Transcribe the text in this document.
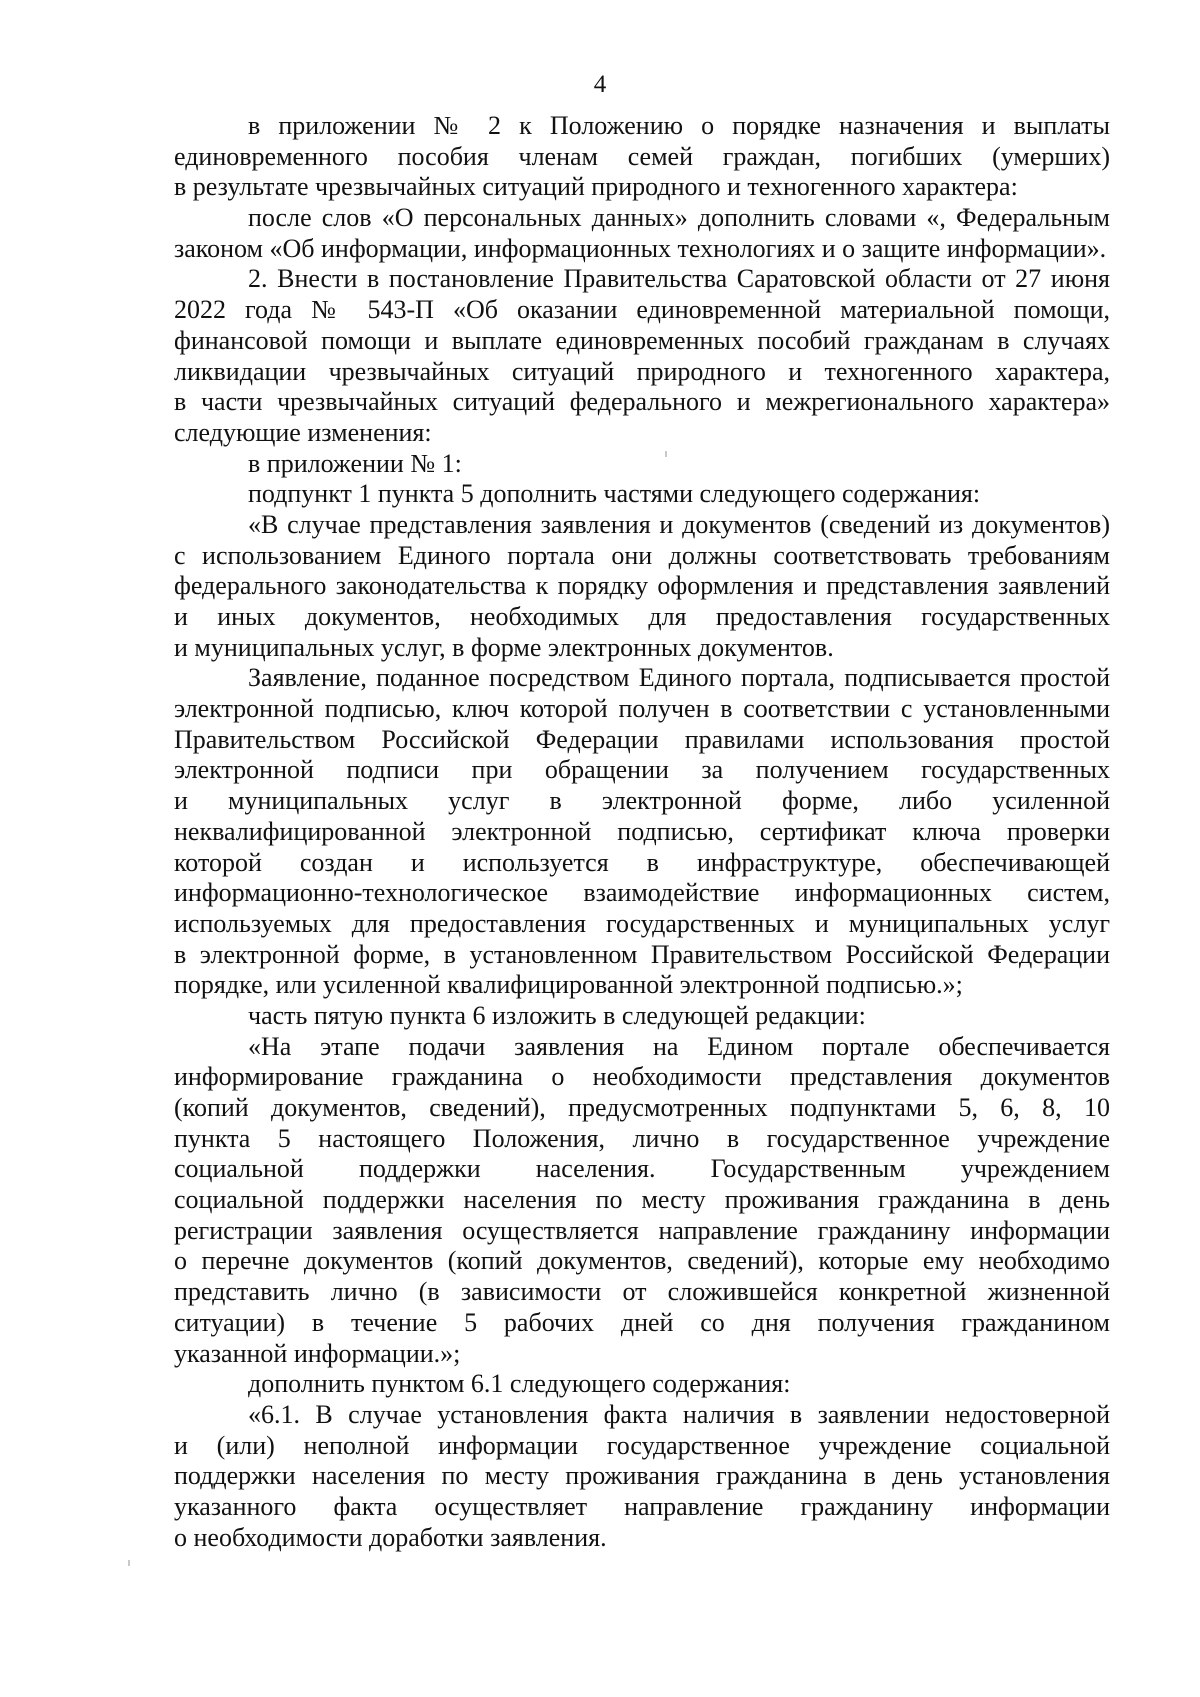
4
в приложении № 2 к Положению о порядке назначения и выплаты
единовременного пособия членам семей граждан, погибших (умерших)
в результате чрезвычайных ситуаций природного и техногенного характера:
после слов «О персональных данных» дополнить словами «, Федеральным
законом «Об информации, информационных технологиях и о защите информации».
2. Внести в постановление Правительства Саратовской области от 27 июня
2022 года № 543-П «Об оказании единовременной материальной помощи,
финансовой помощи и выплате единовременных пособий гражданам в случаях
ликвидации чрезвычайных ситуаций природного и техногенного характера,
в части чрезвычайных ситуаций федерального и межрегионального характера»
следующие изменения:
в приложении № 1:
подпункт 1 пункта 5 дополнить частями следующего содержания:
«В случае представления заявления и документов (сведений из документов)
с использованием Единого портала они должны соответствовать требованиям
федерального законодательства к порядку оформления и представления заявлений
и иных документов, необходимых для предоставления государственных
и муниципальных услуг, в форме электронных документов.
Заявление, поданное посредством Единого портала, подписывается простой
электронной подписью, ключ которой получен в соответствии с установленными
Правительством Российской Федерации правилами использования простой
электронной подписи при обращении за получением государственных
и муниципальных услуг в электронной форме, либо усиленной
неквалифицированной электронной подписью, сертификат ключа проверки
которой создан и используется в инфраструктуре, обеспечивающей
информационно-технологическое взаимодействие информационных систем,
используемых для предоставления государственных и муниципальных услуг
в электронной форме, в установленном Правительством Российской Федерации
порядке, или усиленной квалифицированной электронной подписью.»;
часть пятую пункта 6 изложить в следующей редакции:
«На этапе подачи заявления на Едином портале обеспечивается
информирование гражданина о необходимости представления документов
(копий документов, сведений), предусмотренных подпунктами 5, 6, 8, 10
пункта 5 настоящего Положения, лично в государственное учреждение
социальной поддержки населения. Государственным учреждением
социальной поддержки населения по месту проживания гражданина в день
регистрации заявления осуществляется направление гражданину информации
о перечне документов (копий документов, сведений), которые ему необходимо
представить лично (в зависимости от сложившейся конкретной жизненной
ситуации) в течение 5 рабочих дней со дня получения гражданином
указанной информации.»;
дополнить пунктом 6.1 следующего содержания:
«6.1. В случае установления факта наличия в заявлении недостоверной
и (или) неполной информации государственное учреждение социальной
поддержки населения по месту проживания гражданина в день установления
указанного факта осуществляет направление гражданину информации
о необходимости доработки заявления.
